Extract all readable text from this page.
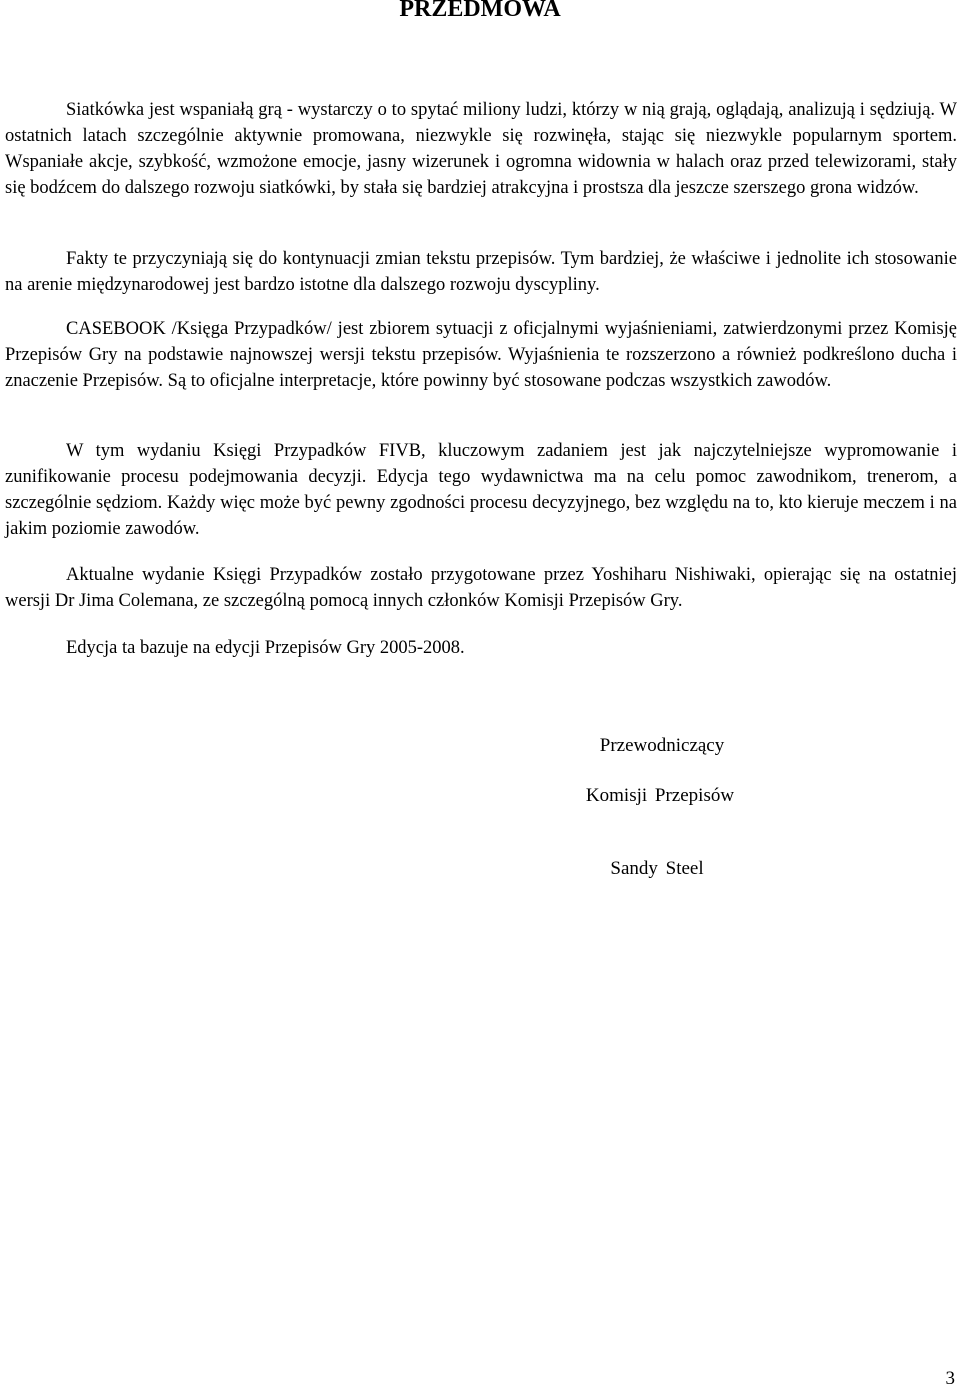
PRZEDMOWA

Siatkówka jest wspaniałą grą - wystarczy o to spytać miliony ludzi, którzy w nią grają, oglądają, analizują i sędziują. W ostatnich latach szczególnie aktywnie promowana, niezwykle się rozwinęła, stając się niezwykle popularnym sportem. Wspaniałe akcje, szybkość, wzmożone emocje, jasny wizerunek i ogromna widownia w halach oraz przed telewizorami, stały się bodźcem do dalszego rozwoju siatkówki, by stała się bardziej atrakcyjna i prostsza dla jeszcze szerszego grona widzów.

Fakty te przyczyniają się do kontynuacji zmian tekstu przepisów. Tym bardziej, że właściwe i jednolite ich stosowanie na arenie międzynarodowej jest bardzo istotne dla dalszego rozwoju dyscypliny.

CASEBOOK /Księga Przypadków/ jest zbiorem sytuacji z oficjalnymi wyjaśnieniami, zatwierdzonymi przez Komisję Przepisów Gry na podstawie najnowszej wersji tekstu przepisów. Wyjaśnienia te rozszerzono a również podkreślono ducha i znaczenie Przepisów. Są to oficjalne interpretacje, które powinny być stosowane podczas wszystkich zawodów.

W tym wydaniu Księgi Przypadków FIVB, kluczowym zadaniem jest jak najczytelniejsze wypromowanie i zunifikowanie procesu podejmowania decyzji. Edycja tego wydawnictwa ma na celu pomoc zawodnikom, trenerom, a szczególnie sędziom. Każdy więc może być pewny zgodności procesu decyzyjnego, bez względu na to, kto kieruje meczem i na jakim poziomie zawodów.

Aktualne wydanie Księgi Przypadków zostało przygotowane przez Yoshiharu Nishiwaki, opierając się na ostatniej wersji Dr Jima Colemana, ze szczególną pomocą innych członków Komisji Przepisów Gry.

Edycja ta bazuje na edycji Przepisów Gry 2005-2008.

Przewodniczący

Komisji Przepisów

Sandy Steel

3
